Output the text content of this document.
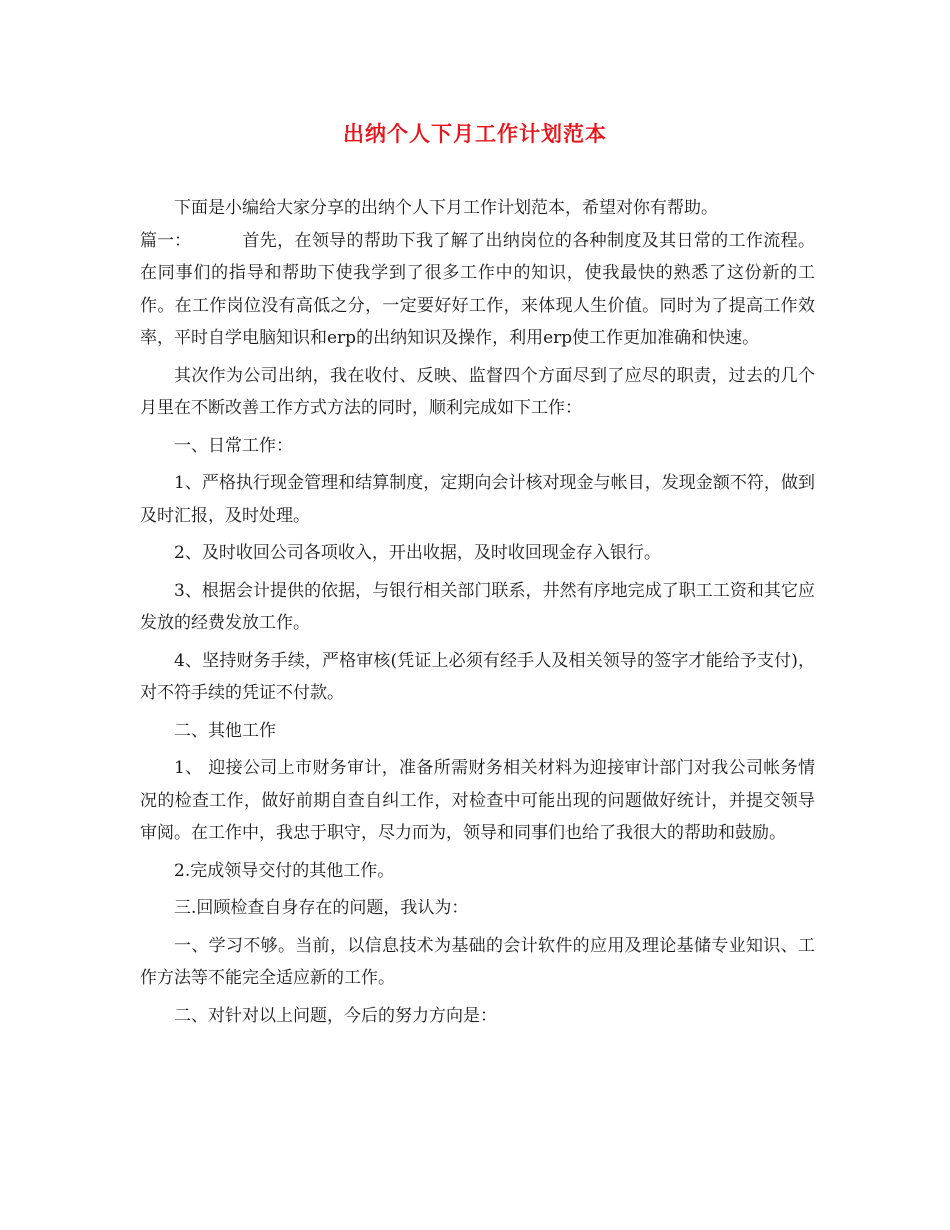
出纳个人下月工作计划范本

下面是小编给大家分享的出纳个人下月工作计划范本，希望对你有帮助。

篇一：	首先，在领导的帮助下我了解了出纳岗位的各种制度及其日常的工作流程。在同事们的指导和帮助下使我学到了很多工作中的知识，使我最快的熟悉了这份新的工作。在工作岗位没有高低之分，一定要好好工作，来体现人生价值。同时为了提高工作效率，平时自学电脑知识和erp的出纳知识及操作，利用erp使工作更加准确和快速。

其次作为公司出纳，我在收付、反映、监督四个方面尽到了应尽的职责，过去的几个月里在不断改善工作方式方法的同时，顺利完成如下工作：

一、日常工作：

1、严格执行现金管理和结算制度，定期向会计核对现金与帐目，发现金额不符，做到及时汇报，及时处理。

2、及时收回公司各项收入，开出收据，及时收回现金存入银行。

3、根据会计提供的依据，与银行相关部门联系，井然有序地完成了职工工资和其它应发放的经费发放工作。

4、坚持财务手续，严格审核(凭证上必须有经手人及相关领导的签字才能给予支付)，对不符手续的凭证不付款。

二、其他工作

1、 迎接公司上市财务审计，准备所需财务相关材料为迎接审计部门对我公司帐务情况的检查工作，做好前期自查自纠工作，对检查中可能出现的问题做好统计，并提交领导审阅。在工作中，我忠于职守，尽力而为，领导和同事们也给了我很大的帮助和鼓励。

2.完成领导交付的其他工作。

三.回顾检查自身存在的问题，我认为：

一、学习不够。当前，以信息技术为基础的会计软件的应用及理论基储专业知识、工作方法等不能完全适应新的工作。

二、对针对以上问题，今后的努力方向是：
